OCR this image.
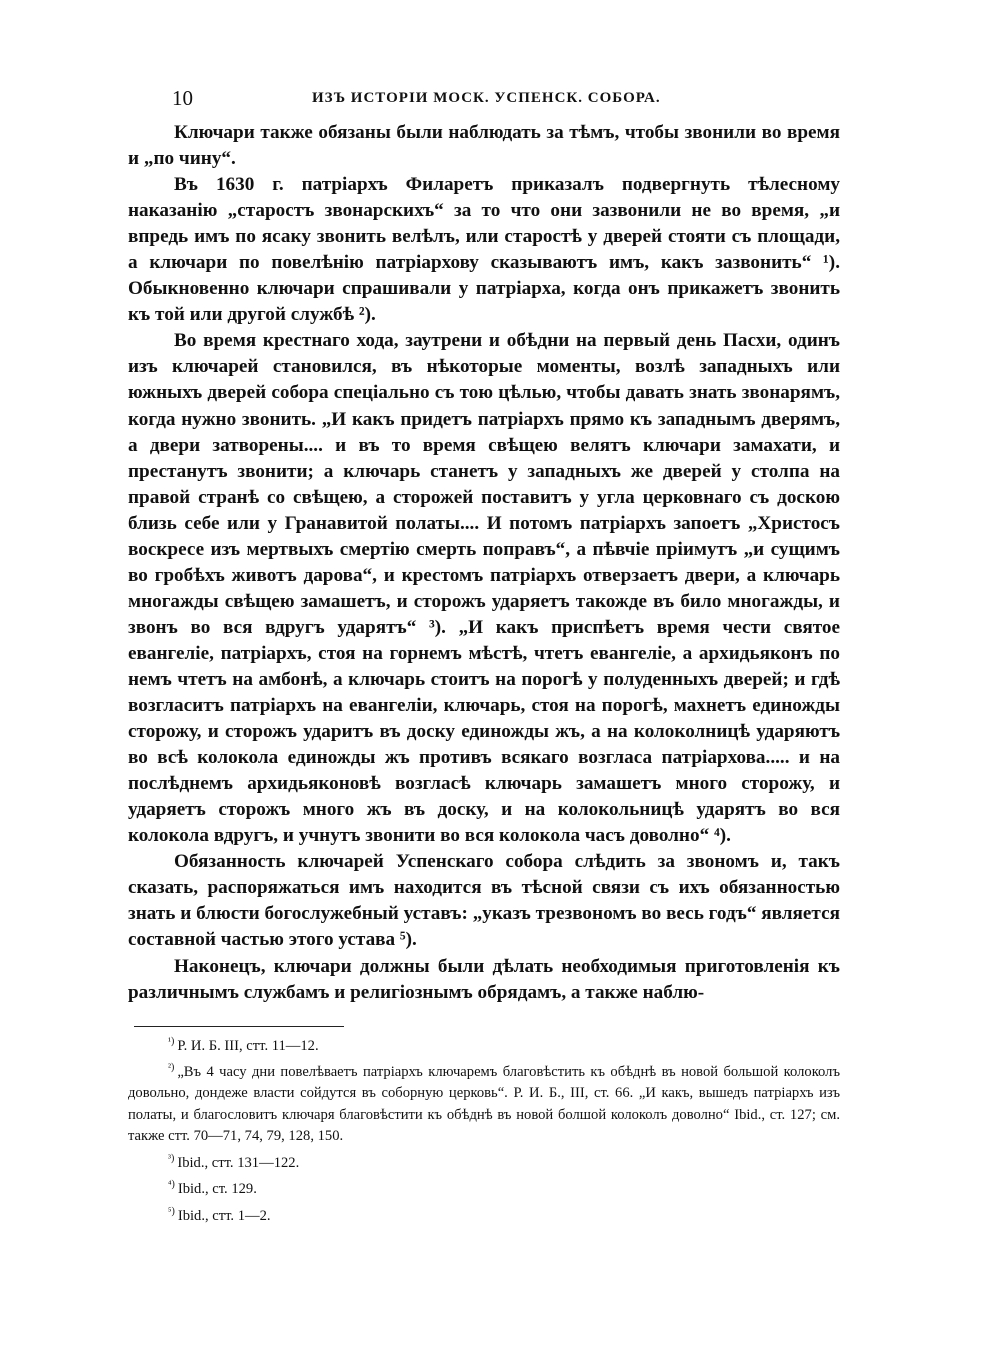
10	ИЗЪ ИСТОРІИ МОСК. УСПЕНСК. СОБОРА.

Ключари также обязаны были наблюдать за тѣмъ, чтобы звонили во время и „по чину“.

Въ 1630 г. патріархъ Филаретъ приказалъ подвергнуть тѣлесному наказанію „старостъ звонарскихъ“ за то что они зазвонили не во время, „и впредь имъ по ясаку звонить велѣлъ, или старостѣ у дверей стояти съ площади, а ключари по повелѣнію патріархову сказываютъ имъ, какъ зазвонить“ ¹). Обыкновенно ключари спрашивали у патріарха, когда онъ прикажетъ звонить къ той или другой службѣ ²).

Во время крестнаго хода, заутрени и обѣдни на первый день Пасхи, одинъ изъ ключарей становился, въ нѣкоторые моменты, возлѣ западныхъ или южныхъ дверей собора спеціально съ тою цѣлью, чтобы давать знать звонарямъ, когда нужно звонить. „И какъ придетъ патріархъ прямо къ западнымъ дверямъ, а двери затворены.... и въ то время свѣщею велятъ ключари замахати, и престанутъ звонити; а ключарь станетъ у западныхъ же дверей у столпа на правой странѣ со свѣщею, а сторожей поставитъ у угла церковнаго съ доскою близь себе или у Гранавитой полаты.... И потомъ патріархъ запоетъ „Христосъ воскресе изъ мертвыхъ смертію смерть поправъ“, а пѣвчіе пріимутъ „и сущимъ во гробѣхъ животъ дарова“, и крестомъ патріархъ отверзаетъ двери, а ключарь многажды свѣщею замашетъ, и сторожъ ударяетъ такожде въ било многажды, и звонъ во вся вдругъ ударятъ“ ³). „И какъ приспѣетъ время чести святое евангеліе, патріархъ, стоя на горнемъ мѣстѣ, чтетъ евангеліе, а архидьяконъ по немъ чтетъ на амбонѣ, а ключарь стоитъ на порогѣ у полуденныхъ дверей; и гдѣ возгласитъ патріархъ на евангеліи, ключарь, стоя на порогѣ, махнетъ единожды сторожу, и сторожъ ударитъ въ доску единожды жъ, а на колоколницѣ ударяютъ во всѣ колокола единожды жъ противъ всякаго возгласа патріархова..... и на послѣднемъ архидьяконовѣ возгласѣ ключарь замашетъ много сторожу, и ударяетъ сторожъ много жъ въ доску, и на колокольницѣ ударятъ во вся колокола вдругъ, и учнутъ звонити во вся колокола часъ доволно“ ⁴).

Обязанность ключарей Успенскаго собора слѣдить за звономъ и, такъ сказать, распоряжаться имъ находится въ тѣсной связи съ ихъ обязанностью знать и блюсти богослужебный уставъ: „указъ трезвономъ во весь годъ“ является составной частью этого устава ⁵).

Наконецъ, ключари должны были дѣлать необходимыя приготовленія къ различнымъ службамъ и религіознымъ обрядамъ, а также наблю-

$^{^1)}$ Р. И. Б. III, стт. 11—12.

$^{^2)}$ „Въ 4 часу дни повелѣваетъ патріархъ ключаремъ благовѣстить къ обѣднѣ въ новой большой колоколъ довольно, дондеже власти сойдутся въ соборную церковь“. Р. И. Б., III, ст. 66. „И какъ, вышедъ патріархъ изъ полаты, и благословитъ ключаря благовѣстити къ обѣднѣ въ новой болшой колоколъ доволно“ Ibid., ст. 127; см. также стт. 70—71, 74, 79, 128, 150.

$^{^3)}$ Ibid., стт. 131—122.

$^{^4)}$ Ibid., ст. 129.

$^{^5)}$ Ibid., стт. 1—2.
